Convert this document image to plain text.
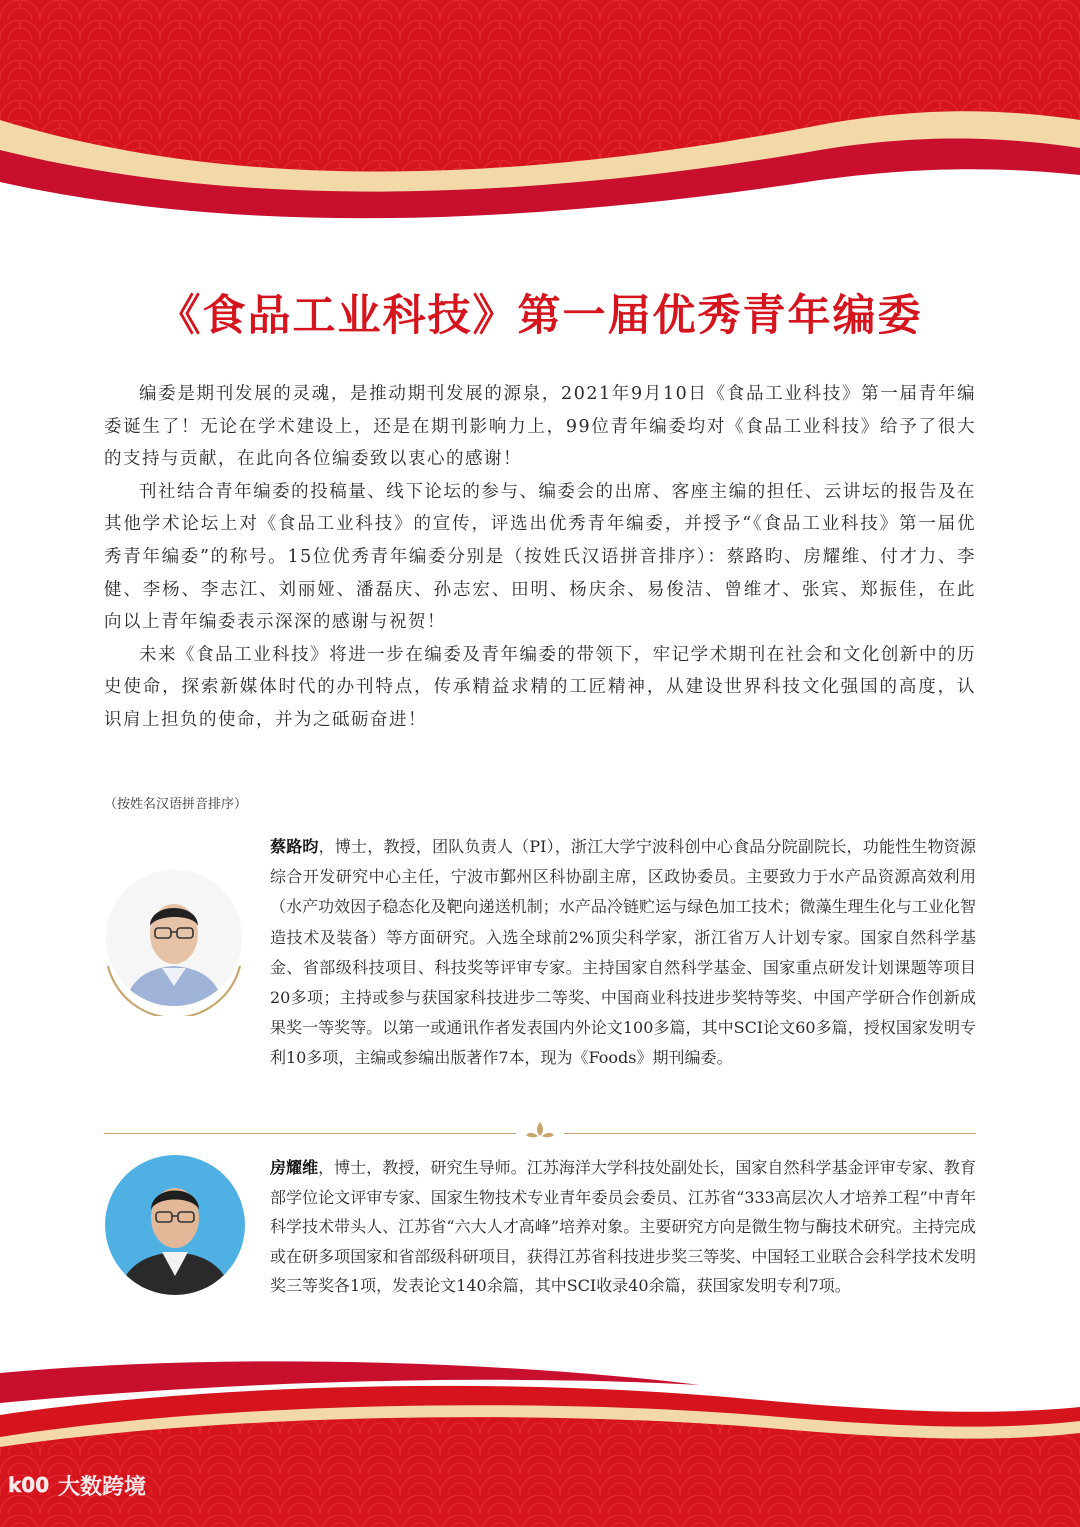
《食品工业科技》第一届优秀青年编委

编委是期刊发展的灵魂，是推动期刊发展的源泉，2021年9月10日《食品工业科技》第一届青年编委诞生了！无论在学术建设上，还是在期刊影响力上，99位青年编委均对《食品工业科技》给予了很大的支持与贡献，在此向各位编委致以衷心的感谢！

刊社结合青年编委的投稿量、线下论坛的参与、编委会的出席、客座主编的担任、云讲坛的报告及在其他学术论坛上对《食品工业科技》的宣传，评选出优秀青年编委，并授予“《食品工业科技》第一届优秀青年编委”的称号。15位优秀青年编委分别是（按姓氏汉语拼音排序）：蔡路昀、房耀维、付才力、李健、李杨、李志江、刘丽娅、潘磊庆、孙志宏、田明、杨庆余、易俊洁、曾维才、张宾、郑振佳，在此向以上青年编委表示深深的感谢与祝贺！

未来《食品工业科技》将进一步在编委及青年编委的带领下，牢记学术期刊在社会和文化创新中的历史使命，探索新媒体时代的办刊特点，传承精益求精的工匠精神，从建设世界科技文化强国的高度，认识肩上担负的使命，并为之砥砺奋进！

（按姓名汉语拼音排序）

蔡路昀，博士，教授，团队负责人（PI），浙江大学宁波科创中心食品分院副院长，功能性生物资源综合开发研究中心主任，宁波市鄞州区科协副主席，区政协委员。主要致力于水产品资源高效利用（水产功效因子稳态化及靶向递送机制；水产品冷链贮运与绿色加工技术；微藻生理生化与工业化智造技术及装备）等方面研究。入选全球前2%顶尖科学家，浙江省万人计划专家。国家自然科学基金、省部级科技项目、科技奖等评审专家。主持国家自然科学基金、国家重点研发计划课题等项目20多项；主持或参与获国家科技进步二等奖、中国商业科技进步奖特等奖、中国产学研合作创新成果奖一等奖等。以第一或通讯作者发表国内外论文100多篇，其中SCI论文60多篇，授权国家发明专利10多项，主编或参编出版著作7本，现为《Foods》期刊编委。

房耀维，博士，教授，研究生导师。江苏海洋大学科技处副处长，国家自然科学基金评审专家、教育部学位论文评审专家、国家生物技术专业青年委员会委员、江苏省“333高层次人才培养工程”中青年科学技术带头人、江苏省“六大人才高峰”培养对象。主要研究方向是微生物与酶技术研究。主持完成或在研多项国家和省部级科研项目，获得江苏省科技进步奖三等奖、中国轻工业联合会科学技术发明奖三等奖各1项，发表论文140余篇，其中SCI收录40余篇，获国家发明专利7项。

k00 大数跨境
